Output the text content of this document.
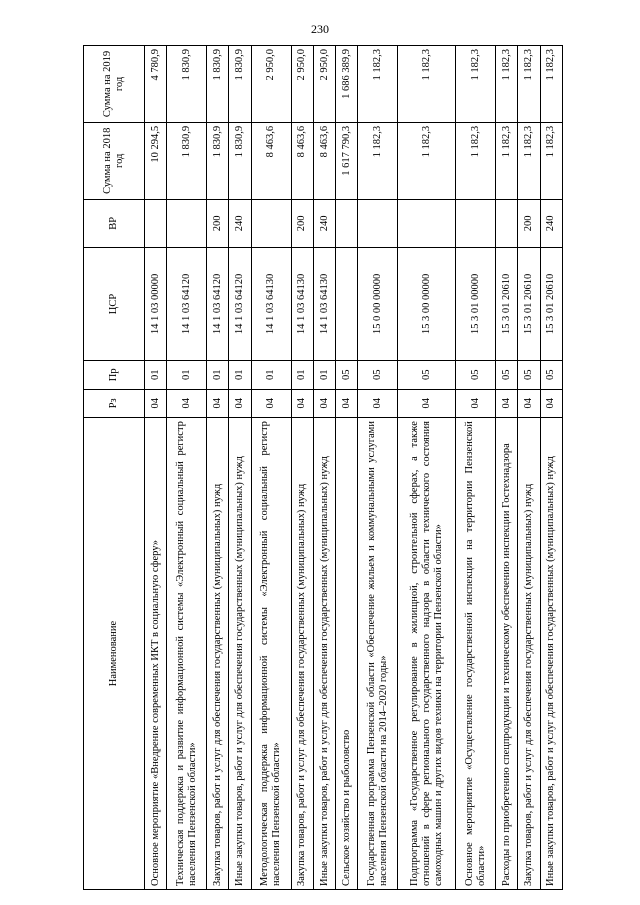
230
Наименование	Рз	Пр	ЦСР	ВР	Сумма на 2018 год	Сумма на 2019 год
Основное мероприятие «Внедрение современных ИКТ в социальную сферу»	04	01	14 1 03 00000		10 294,5	4 780,9
Техническая поддержка и развитие информационной системы «Электронный социальный регистр населения Пензенской области»	04	01	14 1 03 64120		1 830,9	1 830,9
Закупка товаров, работ и услуг для обеспечения государственных (муниципальных) нужд	04	01	14 1 03 64120	200	1 830,9	1 830,9
Иные закупки товаров, работ и услуг для обеспечения государственных (муниципальных) нужд	04	01	14 1 03 64120	240	1 830,9	1 830,9
Методологическая поддержка информационной системы «Электронный социальный регистр населения Пензенской области»	04	01	14 1 03 64130		8 463,6	2 950,0
Закупка товаров, работ и услуг для обеспечения государственных (муниципальных) нужд	04	01	14 1 03 64130	200	8 463,6	2 950,0
Иные закупки товаров, работ и услуг для обеспечения государственных (муниципальных) нужд	04	01	14 1 03 64130	240	8 463,6	2 950,0
Сельское хозяйство и рыболовство	04	05			1 617 790,3	1 686 389,9
Государственная программа Пензенской области «Обеспечение жильем и коммунальными услугами населения Пензенской области на 2014–2020 годы»	04	05	15 0 00 00000		1 182,3	1 182,3
Подпрограмма «Государственное регулирование в жилищной, строительной сферах, а также отношений в сфере регионального государственного надзора в области технического состояния самоходных машин и других видов техники на территории Пензенской области»	04	05	15 3 00 00000		1 182,3	1 182,3
Основное мероприятие «Осуществление государственной инспекции на территории Пензенской области»	04	05	15 3 01 00000		1 182,3	1 182,3
Расходы по приобретению спецпродукции и техническому обеспечению инспекции Гостехнадзора	04	05	15 3 01 20610		1 182,3	1 182,3
Закупка товаров, работ и услуг для обеспечения государственных (муниципальных) нужд	04	05	15 3 01 20610	200	1 182,3	1 182,3
Иные закупки товаров, работ и услуг для обеспечения государственных (муниципальных) нужд	04	05	15 3 01 20610	240	1 182,3	1 182,3
